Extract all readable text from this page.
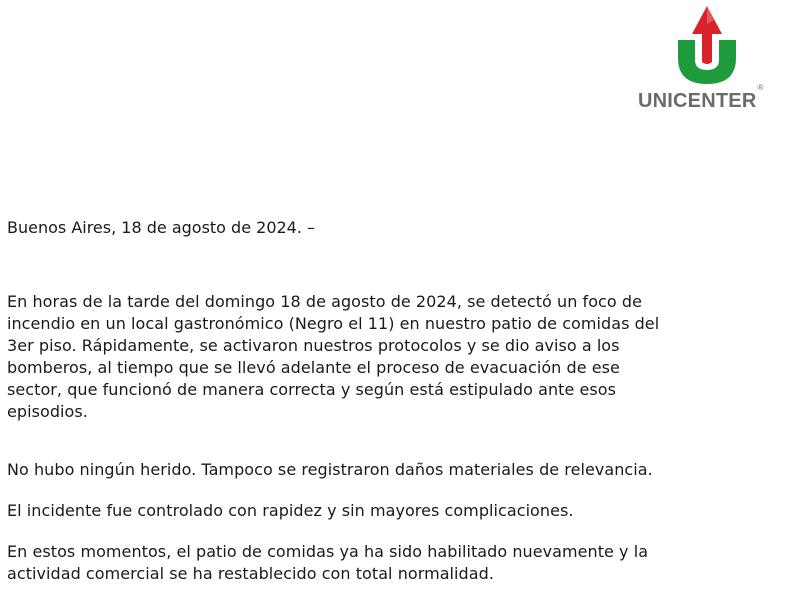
UNICENTER®
Buenos Aires, 18 de agosto de 2024. –

En horas de la tarde del domingo 18 de agosto de 2024, se detectó un foco de
incendio en un local gastronómico (Negro el 11) en nuestro patio de comidas del
3er piso. Rápidamente, se activaron nuestros protocolos y se dio aviso a los
bomberos, al tiempo que se llevó adelante el proceso de evacuación de ese
sector, que funcionó de manera correcta y según está estipulado ante esos
episodios.

No hubo ningún herido. Tampoco se registraron daños materiales de relevancia.

El incidente fue controlado con rapidez y sin mayores complicaciones.

En estos momentos, el patio de comidas ya ha sido habilitado nuevamente y la
actividad comercial se ha restablecido con total normalidad.
